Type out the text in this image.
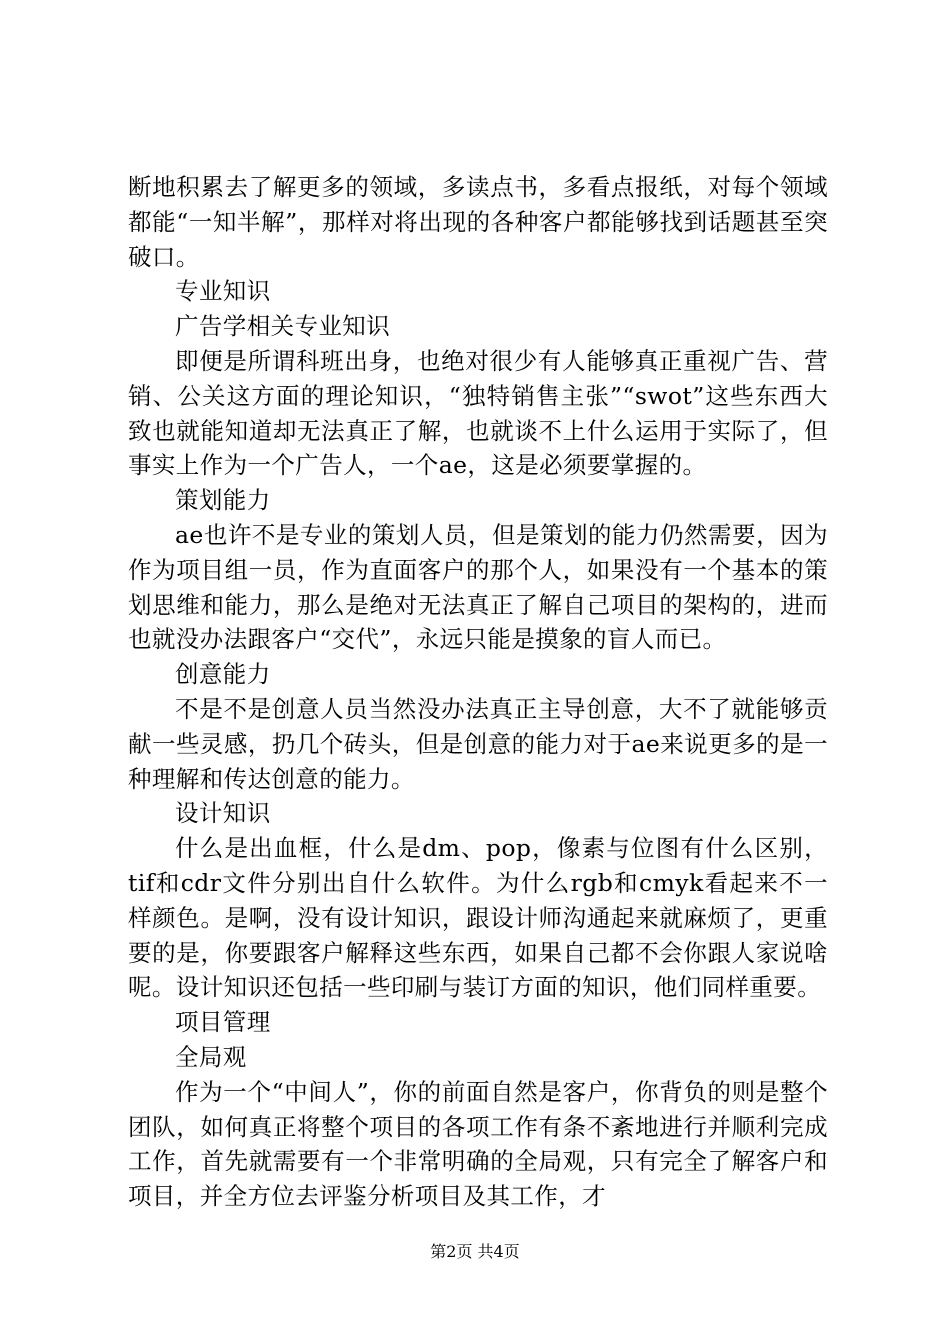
断地积累去了解更多的领域，多读点书，多看点报纸，对每个领域都能“一知半解”，那样对将出现的各种客户都能够找到话题甚至突破口。

专业知识

广告学相关专业知识

即便是所谓科班出身，也绝对很少有人能够真正重视广告、营销、公关这方面的理论知识，“独特销售主张”“swot”这些东西大致也就能知道却无法真正了解，也就谈不上什么运用于实际了，但事实上作为一个广告人，一个ae，这是必须要掌握的。

策划能力

ae也许不是专业的策划人员，但是策划的能力仍然需要，因为作为项目组一员，作为直面客户的那个人，如果没有一个基本的策划思维和能力，那么是绝对无法真正了解自己项目的架构的，进而也就没办法跟客户“交代”，永远只能是摸象的盲人而已。

创意能力

不是不是创意人员当然没办法真正主导创意，大不了就能够贡献一些灵感，扔几个砖头，但是创意的能力对于ae来说更多的是一种理解和传达创意的能力。

设计知识

什么是出血框，什么是dm、pop，像素与位图有什么区别，tif和cdr文件分别出自什么软件。为什么rgb和cmyk看起来不一样颜色。是啊，没有设计知识，跟设计师沟通起来就麻烦了，更重要的是，你要跟客户解释这些东西，如果自己都不会你跟人家说啥呢。设计知识还包括一些印刷与装订方面的知识，他们同样重要。

项目管理

全局观

作为一个“中间人”，你的前面自然是客户，你背负的则是整个团队，如何真正将整个项目的各项工作有条不紊地进行并顺利完成工作，首先就需要有一个非常明确的全局观，只有完全了解客户和项目，并全方位去评鉴分析项目及其工作，才

第2页 共4页
